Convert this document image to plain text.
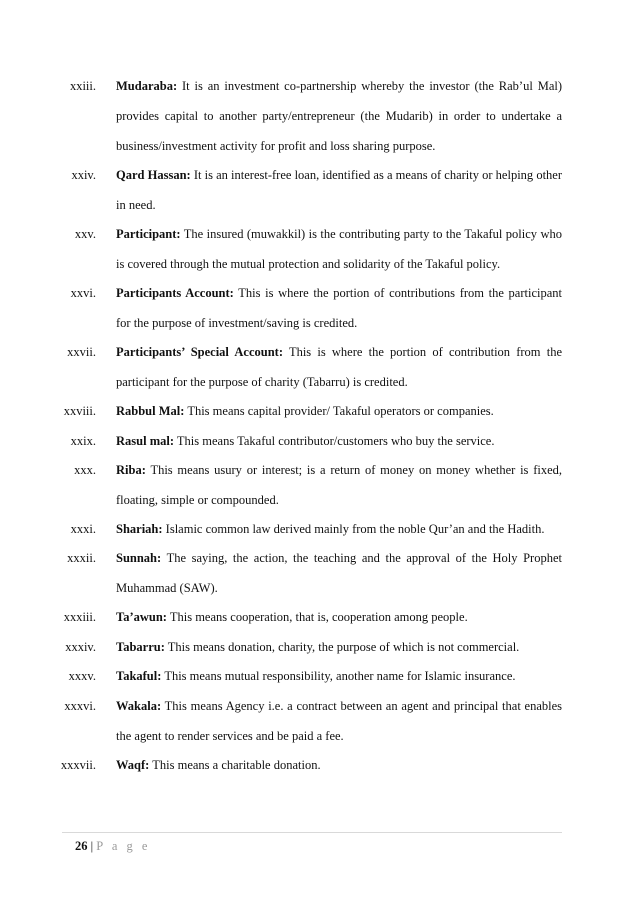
xxiii. Mudaraba: It is an investment co-partnership whereby the investor (the Rab’ul Mal) provides capital to another party/entrepreneur (the Mudarib) in order to undertake a business/investment activity for profit and loss sharing purpose.
xxiv. Qard Hassan: It is an interest-free loan, identified as a means of charity or helping other in need.
xxv. Participant: The insured (muwakkil) is the contributing party to the Takaful policy who is covered through the mutual protection and solidarity of the Takaful policy.
xxvi. Participants Account: This is where the portion of contributions from the participant for the purpose of investment/saving is credited.
xxvii. Participants’ Special Account: This is where the portion of contribution from the participant for the purpose of charity (Tabarru) is credited.
xxviii. Rabbul Mal: This means capital provider/ Takaful operators or companies.
xxix. Rasul mal: This means Takaful contributor/customers who buy the service.
xxx. Riba: This means usury or interest; is a return of money on money whether is fixed, floating, simple or compounded.
xxxi. Shariah: Islamic common law derived mainly from the noble Qur’an and the Hadith.
xxxii. Sunnah: The saying, the action, the teaching and the approval of the Holy Prophet Muhammad (SAW).
xxxiii. Ta’awun: This means cooperation, that is, cooperation among people.
xxxiv. Tabarru: This means donation, charity, the purpose of which is not commercial.
xxxv. Takaful: This means mutual responsibility, another name for Islamic insurance.
xxxvi. Wakala: This means Agency i.e. a contract between an agent and principal that enables the agent to render services and be paid a fee.
xxxvii. Waqf: This means a charitable donation.
26 | P a g e
